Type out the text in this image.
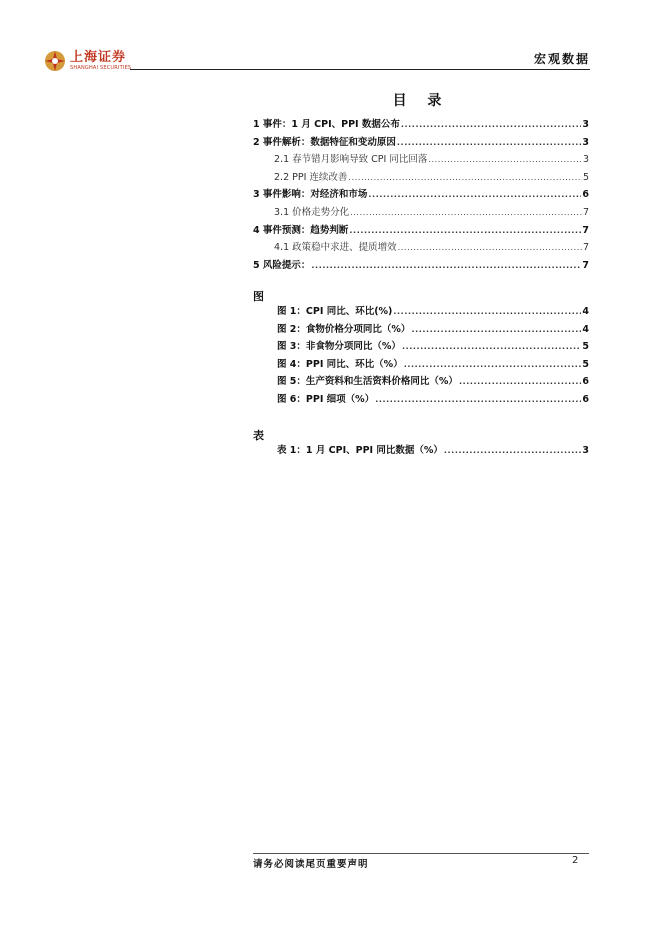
上海证券
SHANGHAI SECURITIES
宏观数据
目 录
1 事件：1 月 CPI、PPI 数据公布 .....	3
2 事件解析：数据特征和变动原因 .....	3
2.1 春节错月影响导致 CPI 同比回落 .....	3
2.2 PPI 连续改善 .....	5
3 事件影响：对经济和市场 .....	6
3.1 价格走势分化 .....	7
4 事件预测：趋势判断 .....	7
4.1 政策稳中求进、提质增效 .....	7
5 风险提示： .....	7
图
图 1：CPI 同比、环比(%) .....	4
图 2：食物价格分项同比（%） .....	4
图 3：非食物分项同比（%） .....	5
图 4：PPI 同比、环比（%） .....	5
图 5：生产资料和生活资料价格同比（%） .....	6
图 6：PPI 细项（%） .....	6
表
表 1：1 月 CPI、PPI 同比数据（%） .....	3
请务必阅读尾页重要声明	2
